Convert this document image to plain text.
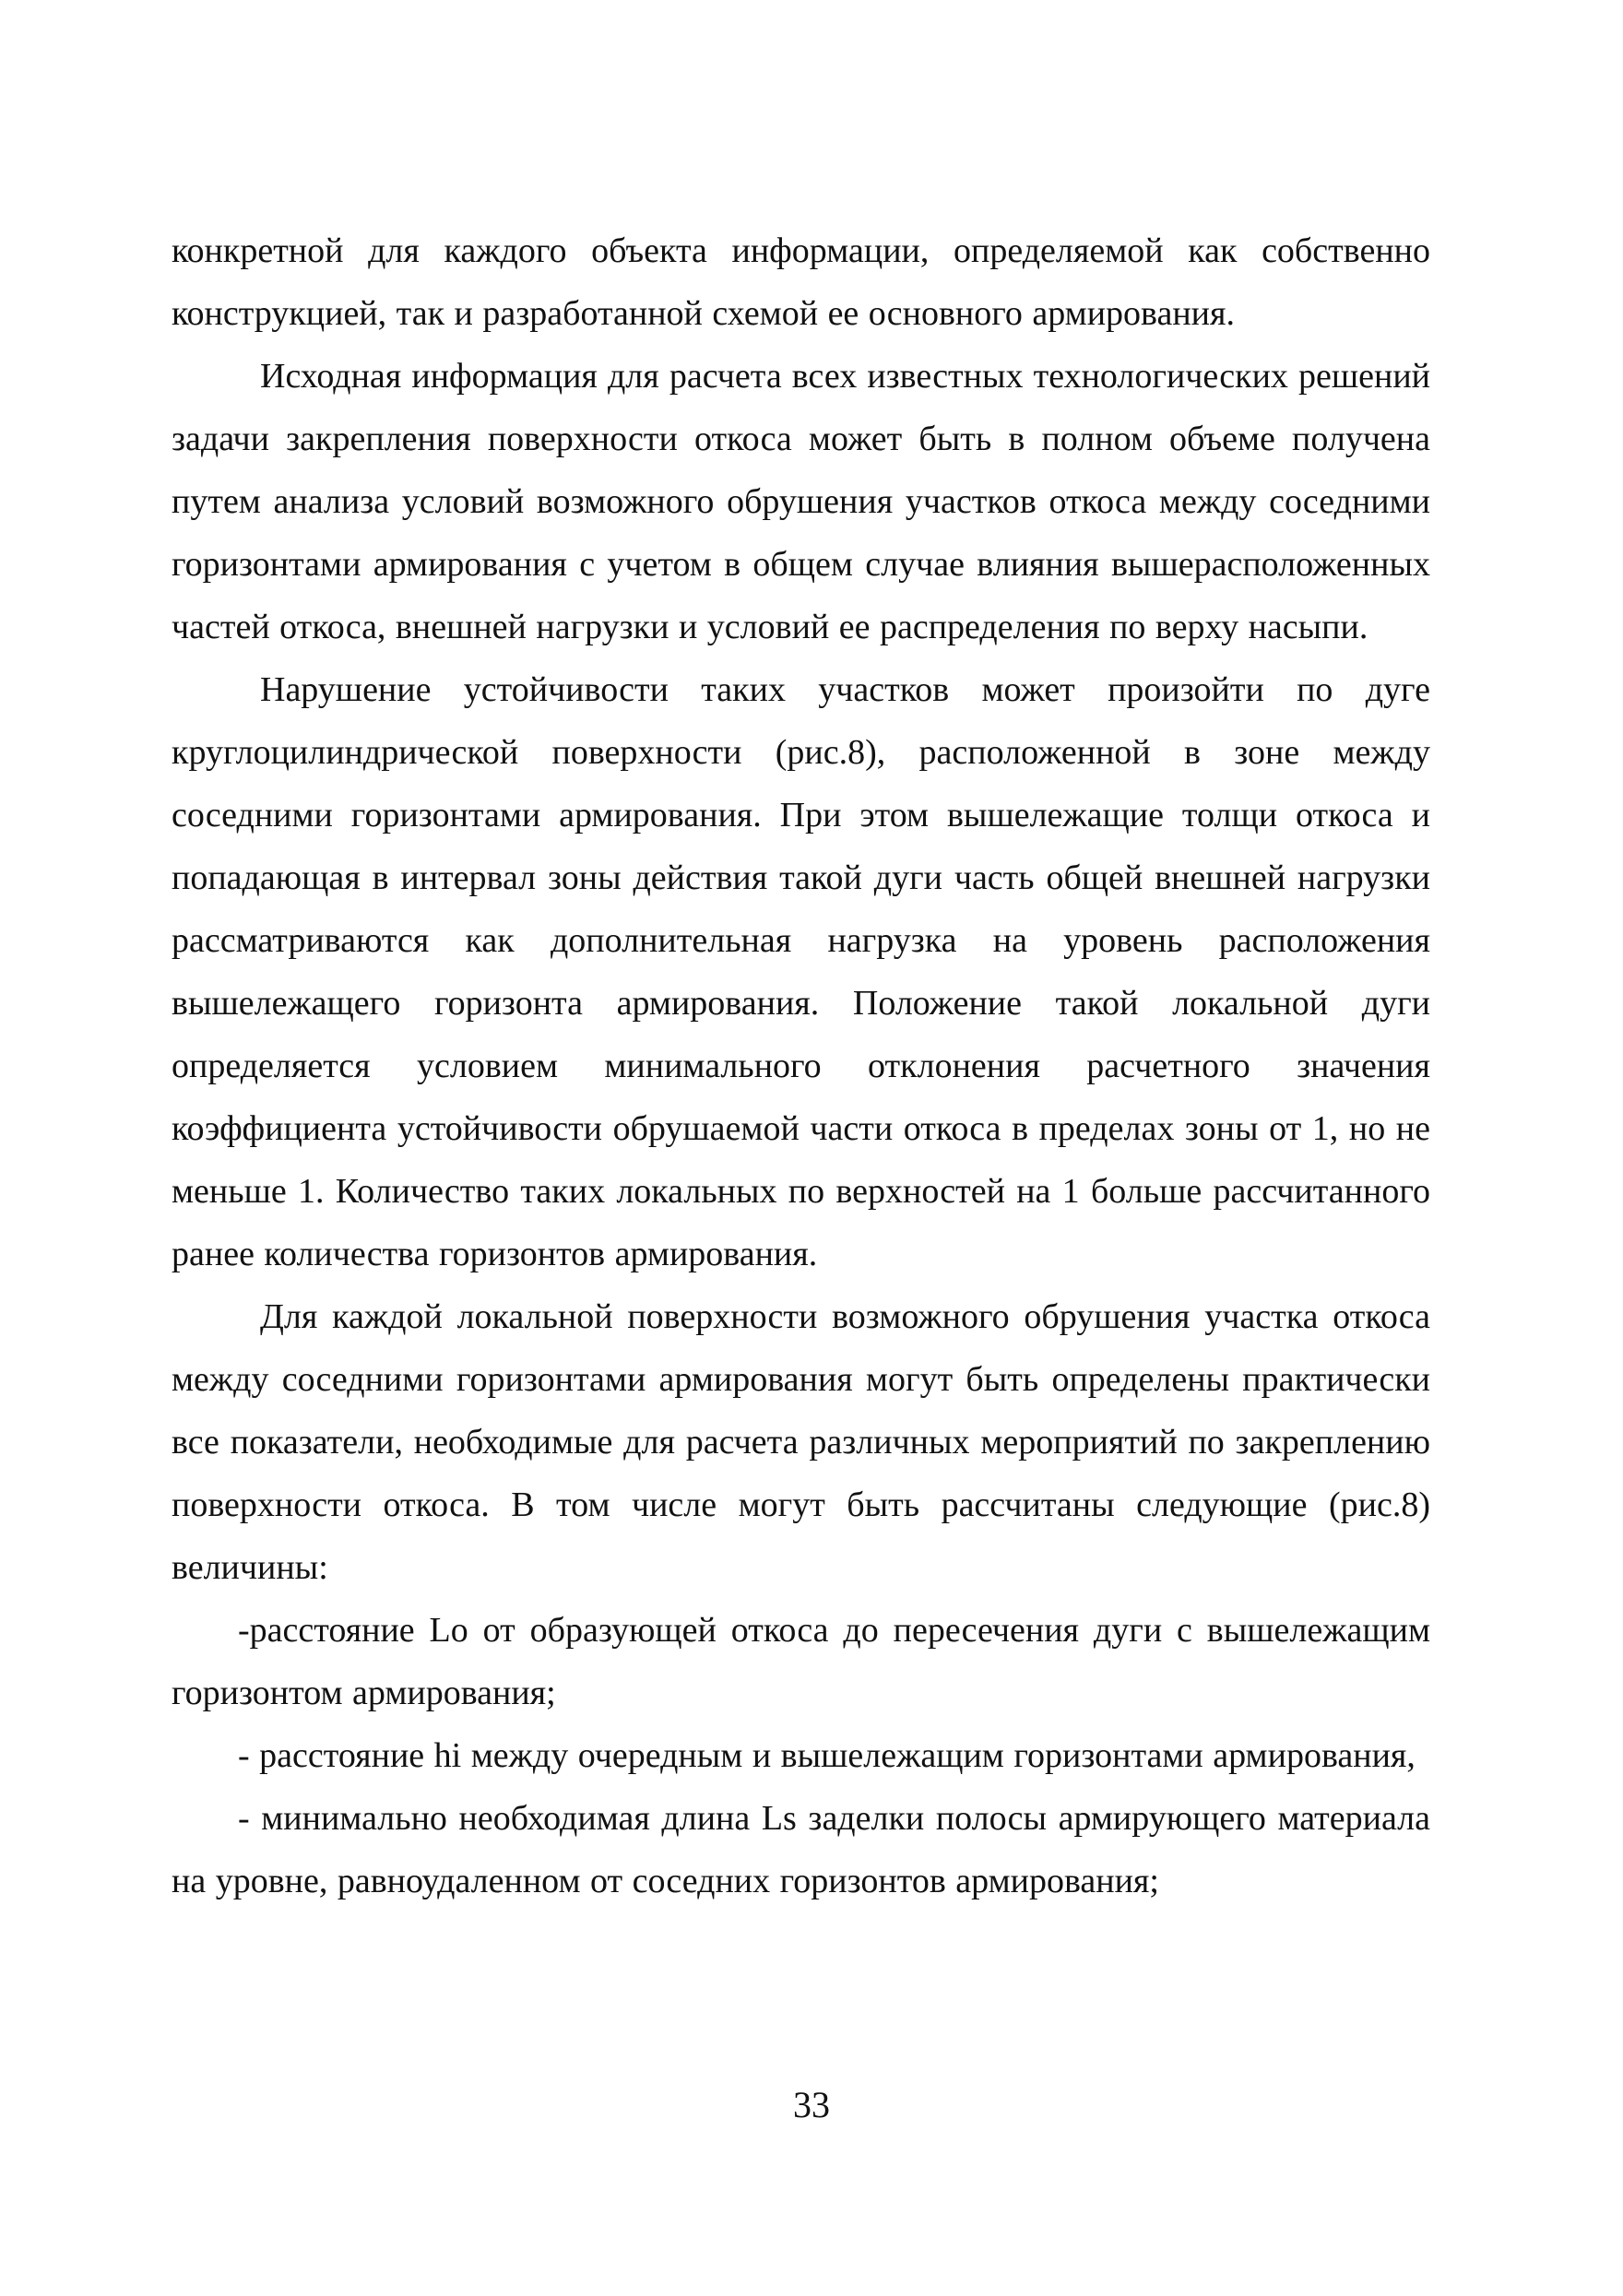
конкретной для каждого объекта информации, определяемой как собственно конструкцией, так и разработанной схемой ее основного армирования.

Исходная информация для расчета всех известных технологических решений задачи закрепления поверхности откоса может быть в полном объеме получена путем анализа условий возможного обрушения участков откоса между соседними горизонтами армирования с учетом в общем случае влияния вышерасположенных частей откоса, внешней нагрузки и условий ее распределения по верху насыпи.

Нарушение устойчивости таких участков может произойти по дуге круглоцилиндрической поверхности (рис.8), расположенной в зоне между соседними горизонтами армирования. При этом вышележащие толщи откоса и попадающая в интервал зоны действия такой дуги часть общей внешней нагрузки рассматриваются как дополнительная нагрузка на уровень расположения вышележащего горизонта армирования. Положение такой локальной дуги определяется условием минимального отклонения расчетного значения коэффициента устойчивости обрушаемой части откоса в пределах зоны от 1, но не меньше 1. Количество таких локальных по верхностей на 1 больше рассчитанного ранее количества горизонтов армирования.

Для каждой локальной поверхности возможного обрушения участка откоса между соседними горизонтами армирования могут быть определены практически все показатели, необходимые для расчета различных мероприятий по закреплению поверхности откоса. В том числе могут быть рассчитаны следующие (рис.8) величины:

-расстояние Lo от образующей откоса до пересечения дуги с вышележащим горизонтом армирования;

- расстояние hi между очередным и вышележащим горизонтами армирования,

- минимально необходимая длина Ls заделки полосы армирующего материала на уровне, равноудаленном от соседних горизонтов армирования;

33
